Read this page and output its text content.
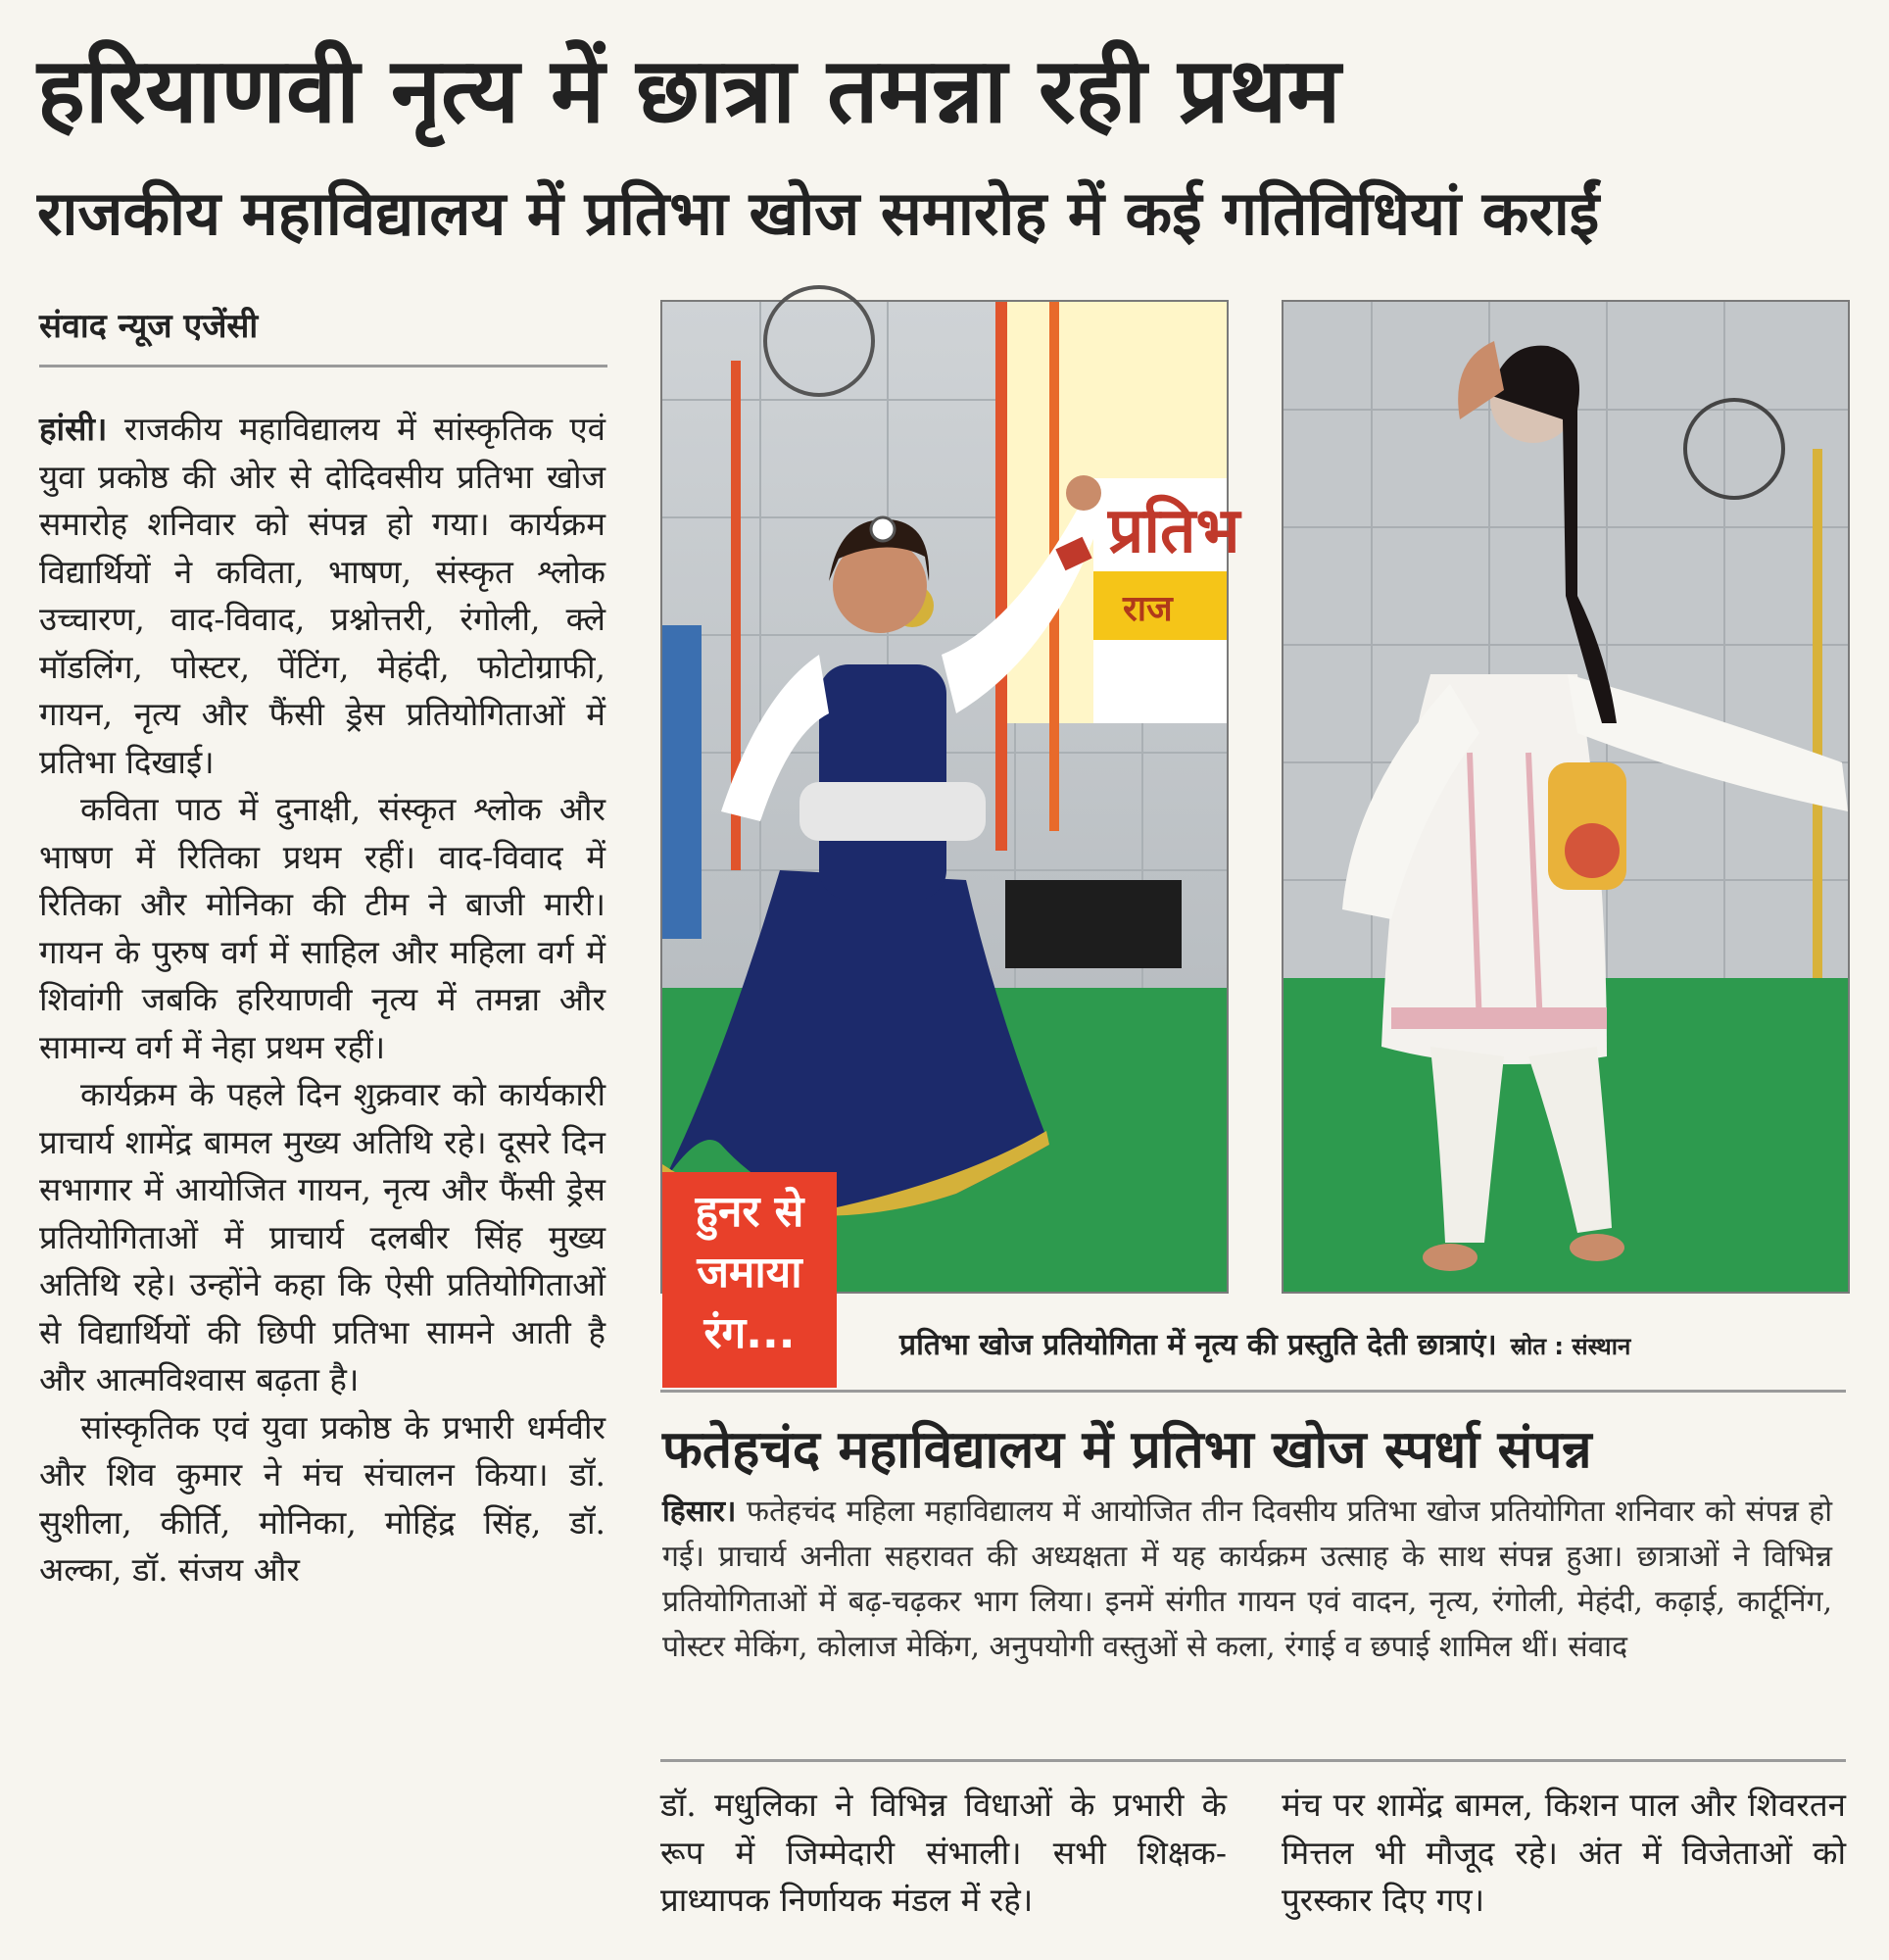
हरियाणवी नृत्य में छात्रा तमन्ना रही प्रथम
राजकीय महाविद्यालय में प्रतिभा खोज समारोह में कई गतिविधियां कराईं
संवाद न्यूज एजेंसी

हांसी। राजकीय महाविद्यालय में सांस्कृतिक एवं युवा प्रकोष्ठ की ओर से दोदिवसीय प्रतिभा खोज समारोह शनिवार को संपन्न हो गया। कार्यक्रम विद्यार्थियों ने कविता, भाषण, संस्कृत श्लोक उच्चारण, वाद-विवाद, प्रश्नोत्तरी, रंगोली, क्ले मॉडलिंग, पोस्टर, पेंटिंग, मेहंदी, फोटोग्राफी, गायन, नृत्य और फैंसी ड्रेस प्रतियोगिताओं में प्रतिभा दिखाई।

कविता पाठ में दुनाक्षी, संस्कृत श्लोक और भाषण में रितिका प्रथम रहीं। वाद-विवाद में रितिका और मोनिका की टीम ने बाजी मारी। गायन के पुरुष वर्ग में साहिल और महिला वर्ग में शिवांगी जबकि हरियाणवी नृत्य में तमन्ना और सामान्य वर्ग में नेहा प्रथम रहीं।

कार्यक्रम के पहले दिन शुक्रवार को कार्यकारी प्राचार्य शामेंद्र बामल मुख्य अतिथि रहे। दूसरे दिन सभागार में आयोजित गायन, नृत्य और फैंसी ड्रेस प्रतियोगिताओं में प्राचार्य दलबीर सिंह मुख्य अतिथि रहे। उन्होंने कहा कि ऐसी प्रतियोगिताओं से विद्यार्थियों की छिपी प्रतिभा सामने आती है और आत्मविश्वास बढ़ता है।

सांस्कृतिक एवं युवा प्रकोष्ठ के प्रभारी धर्मवीर और शिव कुमार ने मंच संचालन किया। डॉ. सुशीला, कीर्ति, मोनिका, मोहिंद्र सिंह, डॉ. अल्का, डॉ. संजय और

प्रतिभ
राज
हुनर से
जमाया
रंग...	प्रतिभा खोज प्रतियोगिता में नृत्य की प्रस्तुति देती छात्राएं। स्रोत : संस्थान
फतेहचंद महाविद्यालय में प्रतिभा खोज स्पर्धा संपन्न
हिसार। फतेहचंद महिला महाविद्यालय में आयोजित तीन दिवसीय प्रतिभा खोज प्रतियोगिता शनिवार को संपन्न हो गई। प्राचार्य अनीता सहरावत की अध्यक्षता में यह कार्यक्रम उत्साह के साथ संपन्न हुआ। छात्राओं ने विभिन्न प्रतियोगिताओं में बढ़-चढ़कर भाग लिया। इनमें संगीत गायन एवं वादन, नृत्य, रंगोली, मेहंदी, कढ़ाई, कार्टूनिंग, पोस्टर मेकिंग, कोलाज मेकिंग, अनुपयोगी वस्तुओं से कला, रंगाई व छपाई शामिल थीं। संवाद
डॉ. मधुलिका ने विभिन्न विधाओं के प्रभारी के रूप में जिम्मेदारी संभाली। सभी शिक्षक-प्राध्यापक निर्णायक मंडल में रहे।
मंच पर शामेंद्र बामल, किशन पाल और शिवरतन मित्तल भी मौजूद रहे। अंत में विजेताओं को पुरस्कार दिए गए।
